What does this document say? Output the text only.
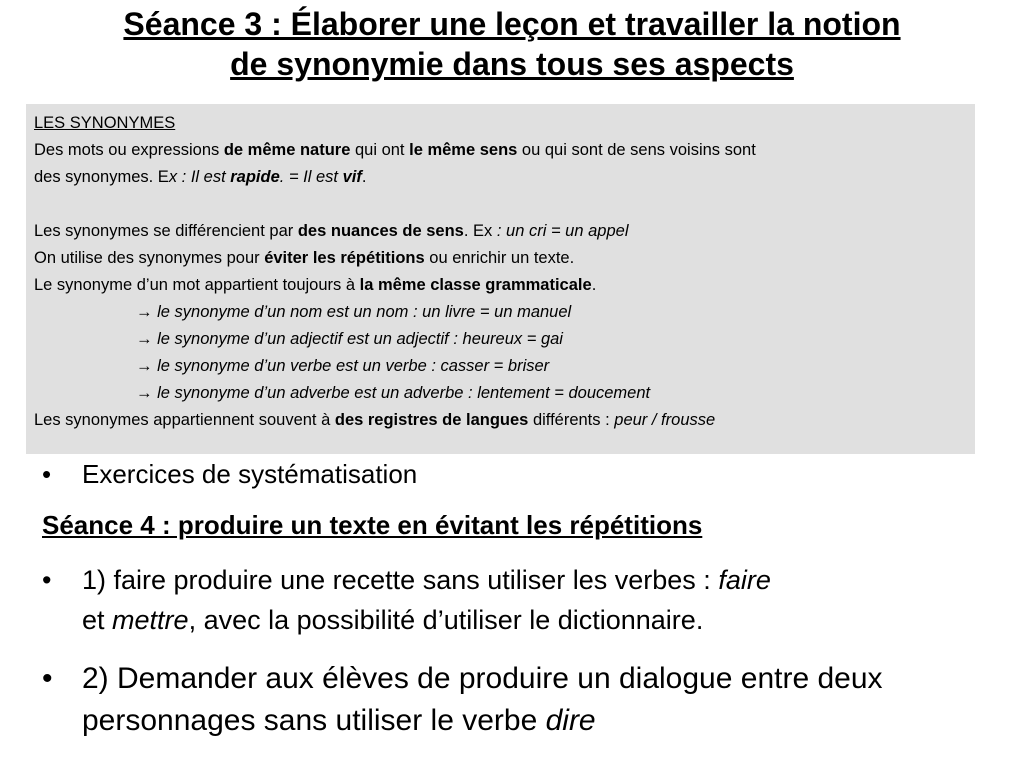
Séance 3 : Élaborer une leçon et travailler la notion
de synonymie dans tous ses aspects

LES SYNONYMES

Des mots ou expressions de même nature qui ont le même sens ou qui sont de sens voisins sont

des synonymes. Ex : Il est rapide. = Il est vif.

Les synonymes se différencient par des nuances de sens. Ex : un cri = un appel

On utilise des synonymes pour éviter les répétitions ou enrichir un texte.

Le synonyme d’un mot appartient toujours à la même classe grammaticale.

→ le synonyme d’un nom est un nom : un livre = un manuel

→ le synonyme d’un adjectif est un adjectif : heureux = gai

→ le synonyme d’un verbe est un verbe : casser = briser

→ le synonyme d’un adverbe est un adverbe : lentement = doucement

Les synonymes appartiennent souvent à des registres de langues différents : peur / frousse

•	Exercices de systématisation

Séance 4 : produire un texte en évitant les répétitions

•	1) faire produire une recette sans utiliser les verbes : faire
et mettre, avec la possibilité d’utiliser le dictionnaire.
• 2) Demander aux élèves de produire un dialogue entre deux personnages sans utiliser le verbe dire
